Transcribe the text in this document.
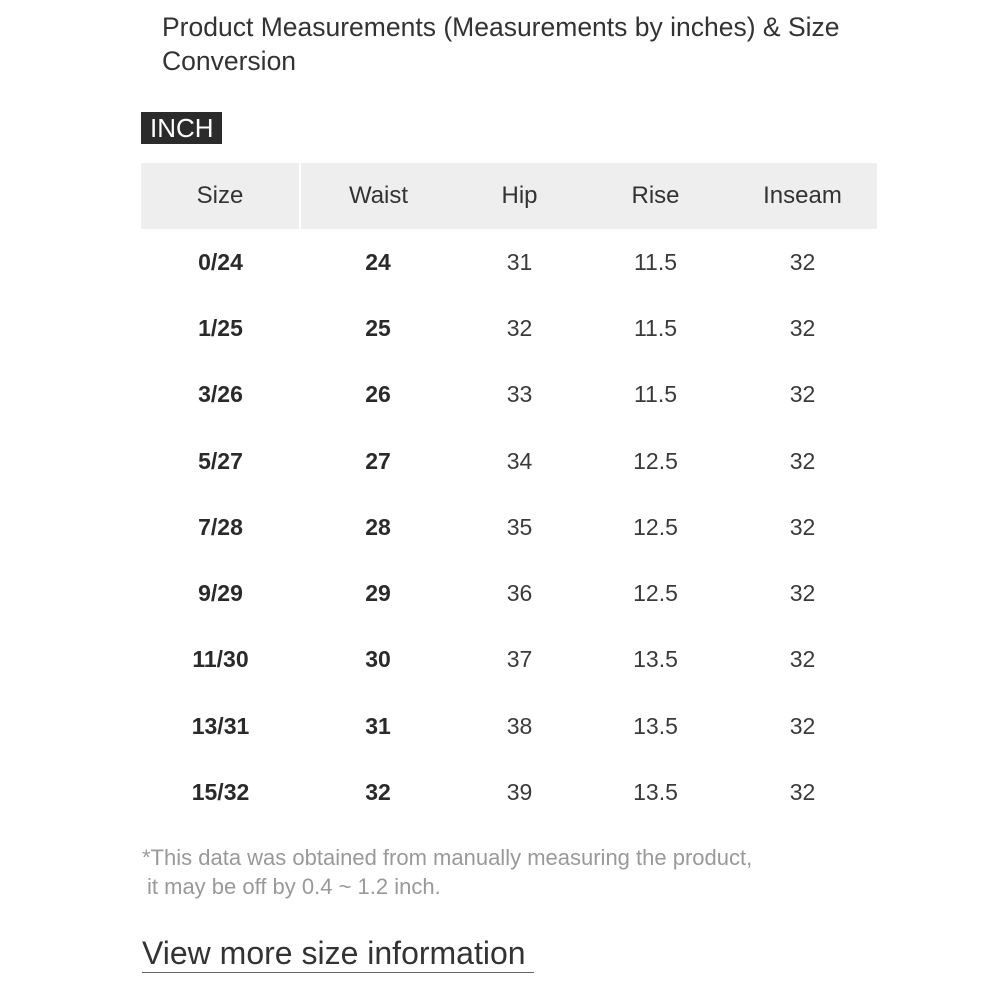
Product Measurements (Measurements by inches) & Size Conversion
INCH
Size	Waist	Hip	Rise	Inseam
0/24	24	31	11.5	32
1/25	25	32	11.5	32
3/26	26	33	11.5	32
5/27	27	34	12.5	32
7/28	28	35	12.5	32
9/29	29	36	12.5	32
11/30	30	37	13.5	32
13/31	31	38	13.5	32
15/32	32	39	13.5	32

*This data was obtained from manually measuring the product,
it may be off by 0.4 ~ 1.2 inch.

View more size information
